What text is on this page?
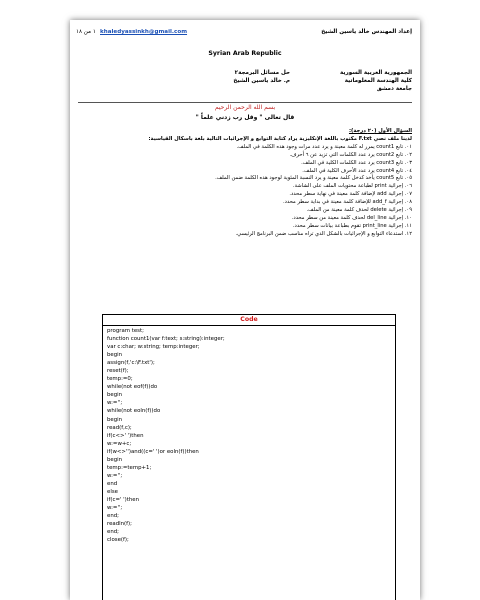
١ من ١٨ khaledyassinkh@gmail.com	إعداد المهندس خالد ياسين الشيخ
Syrian Arab Republic
الجمهورية العربية السورية
كلية الهندسة المعلوماتية
جامعة دمشق
حل مسائل البرمجة٢
م. خالد ياسين الشيخ
بسم الله الرحمن الرحيم
قال تعالى " وقل رب زدني علماً "
السؤال الأول (٢٠ درجة):
لدينا ملف نصي F.txt مكتوب باللغة الإنكليزية يراد كتابة التوابع و الإجرائيات التالية بلغة باسكال القياسية:
٠١. تابع count1 يمرر له كلمة معينة و يرد عدد مرات وجود هذه الكلمة في الملف.
٠٢. تابع count2 يرد عدد الكلمات التي تزيد عن ٦ أحرف.
٠٣. تابع count3 يرد عدد الكلمات الكلية في الملف.
٠٤. تابع count4 يرد عدد الأحرف الكلية في الملف.
٠٥. تابع count5 يأخذ كدخل كلمة معينة و يرد النسبة المئوية لوجود هذه الكلمة ضمن الملف.
٠٦. إجرائية print لطباعة محتويات الملف على الشاشة.
٠٧. إجرائية add لإضافة كلمة معينة في نهاية سطر محدد.
٠٨. إجرائية add_f للإضافة كلمة معينة في بداية سطر محدد.
٠٩. إجرائية delete لحذف كلمة معينة من الملف.
١٠. إجرائية del_line لحذف كلمة معينة من سطر محدد.
١١. إجرائية print_line تقوم بطباعة بيانات سطر محدد.
١٢. استدعاء التوابع و الإجرائيات بالشكل الذي تراه مناسب ضمن البرنامج الرئيسي.
Code
program test;
function count1(var f:text; s:string):integer;
var c:char; w:string; temp:integer;
begin
assign(f,'c:\F.txt');
reset(f);
temp:=0;
while(not eof(f))do
begin
w:='';
while(not eoln(f))do
begin
read(f,c);
if(c<>' ')then
w:=w+c;
if(w<>'')and((c=' ')or eoln(f))then
begin
temp:=temp+1;
w:='';
end
else
if(c=' ')then
w:='';
end;
readln(f);
end;
close(f);
